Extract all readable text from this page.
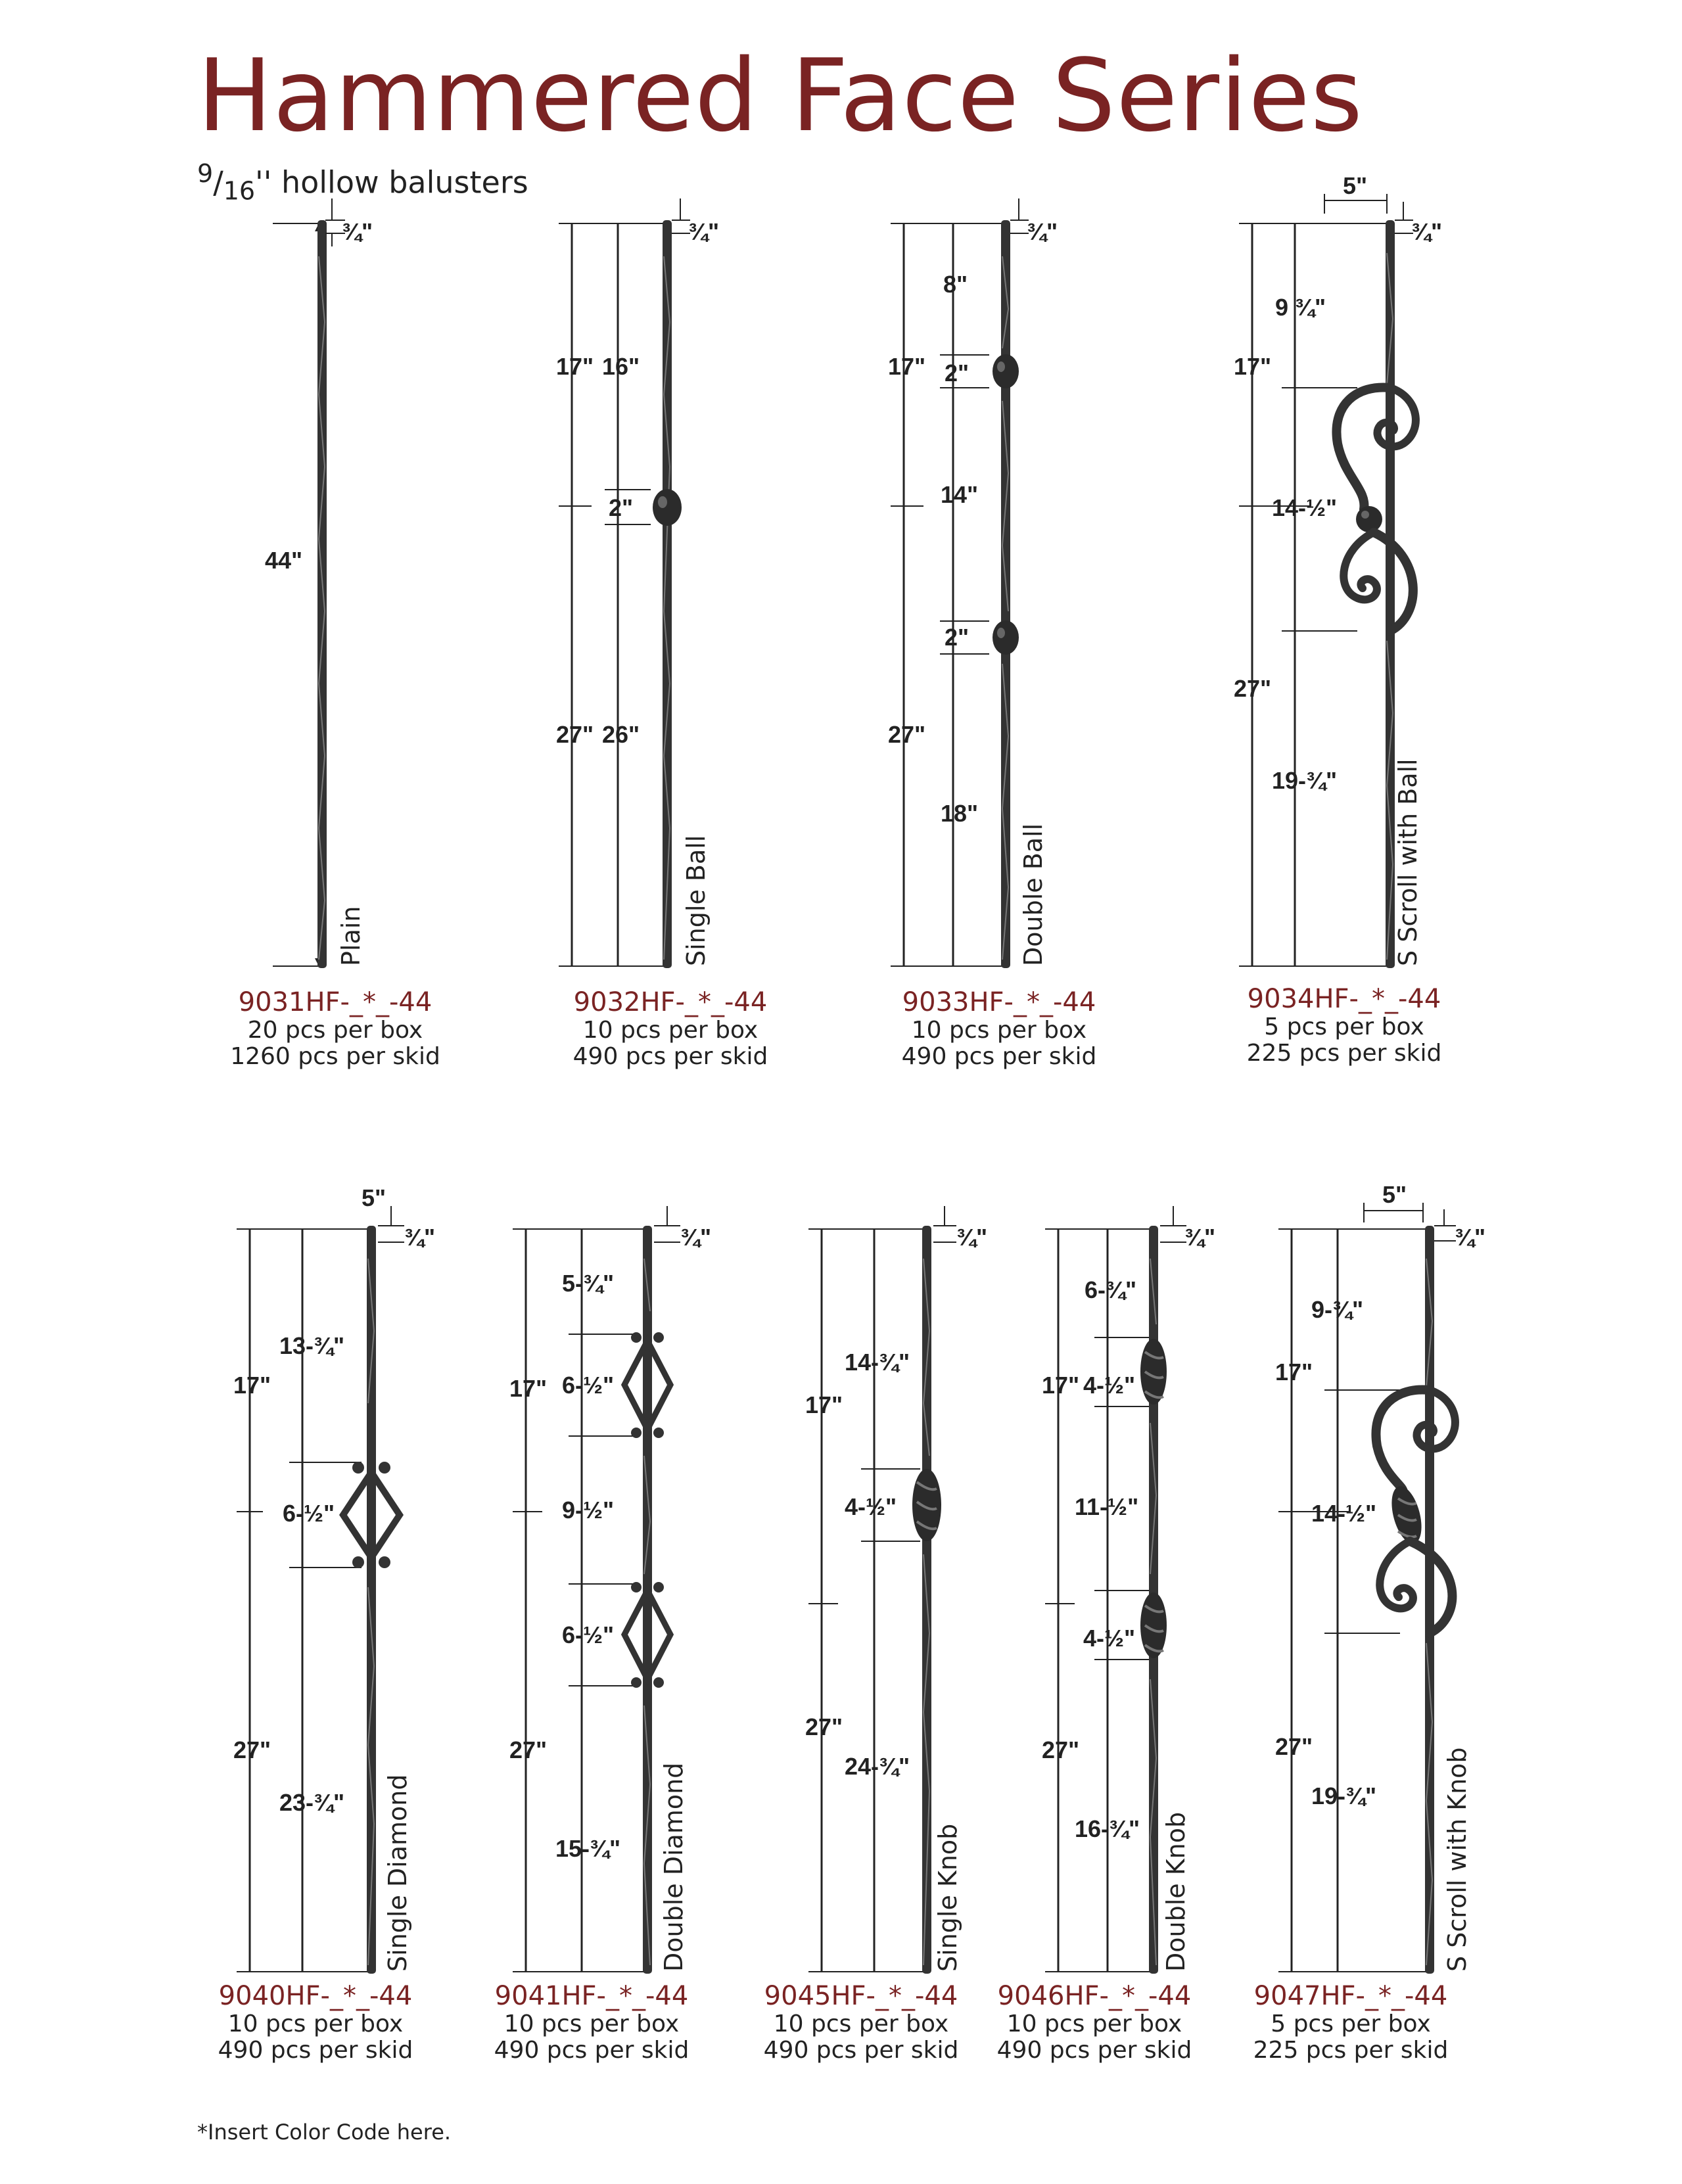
Hammered Face Series
$^9/_{16}''$ hollow balusters
44"
¾"
Plain
17"
27"
16"
2"
26"
¾"
Single Ball
17"
27"
8"
2"
14"
2"
18"
¾"
Double Ball
5"
17"
27"
9 ¾"
14-½"
19-¾"
¾"
S Scroll with Ball
5"
17"
27"
13-¾"
6-½"
23-¾"
¾"
Single Diamond
17"
27"
5-¾"
6-½"
9-½"
6-½"
15-¾"
¾"
Double Diamond
17"
27"
14-¾"
4-½"
24-¾"
¾"
Single Knob
17"
27"
6-¾"
4-½"
11-½"
4-½"
16-¾"
¾"
Double Knob
5"
17"
27"
9-¾"
14-½"
19-¾"
¾"
S Scroll with Knob
9031HF-_*_-44
20 pcs per box
1260 pcs per skid
9032HF-_*_-44
10 pcs per box
490 pcs per skid
9033HF-_*_-44
10 pcs per box
490 pcs per skid
9034HF-_*_-44
5 pcs per box
225 pcs per skid
9040HF-_*_-44
10 pcs per box
490 pcs per skid
9041HF-_*_-44
10 pcs per box
490 pcs per skid
9045HF-_*_-44
10 pcs per box
490 pcs per skid
9046HF-_*_-44
10 pcs per box
490 pcs per skid
9047HF-_*_-44
5 pcs per box
225 pcs per skid
*Insert Color Code here.
